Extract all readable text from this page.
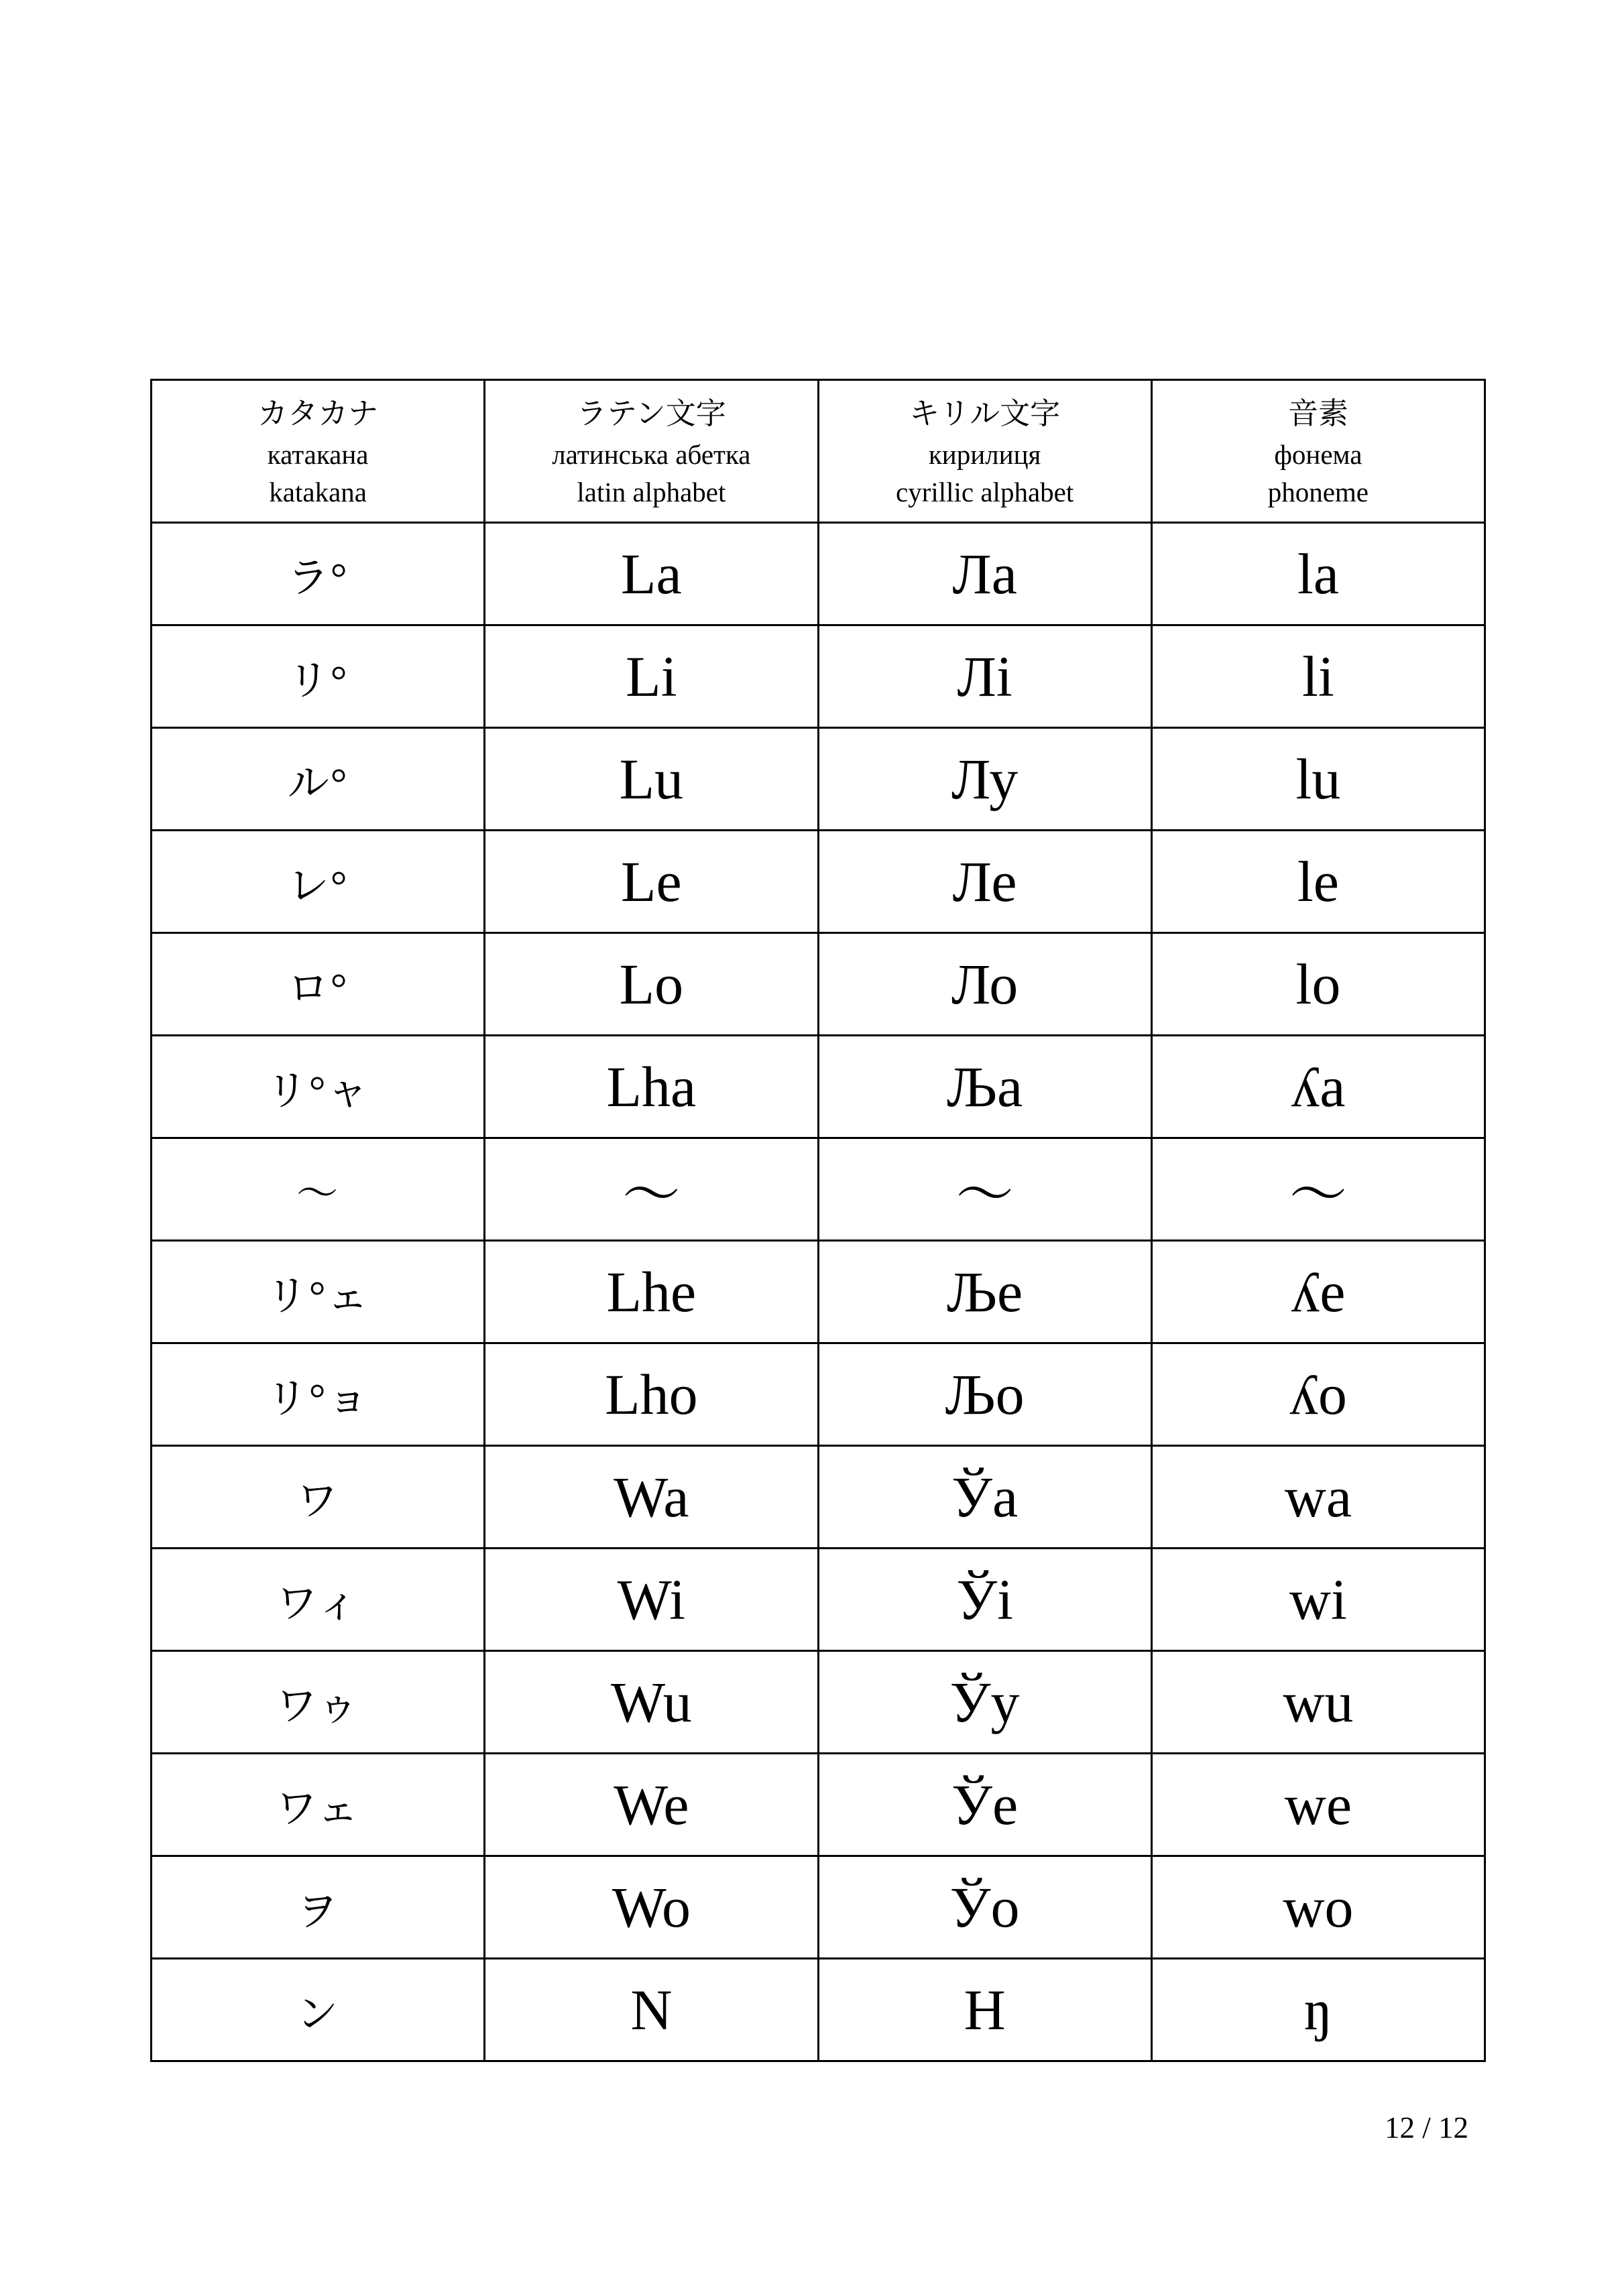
カタカナ
катакана
katakana	ラテン文字
латинська абетка
latin alphabet	キリル文字
кирилиця
cyrillic alphabet	音素
фонема
phoneme

ラ°	La	Ла	la
リ°	Li	Лі	li
ル°	Lu	Лу	lu
レ°	Le	Ле	le
ロ°	Lo	Ло	lo
リ°ャ	Lha	Ља	ʎa
～	～	～	～
リ°ェ	Lhe	Ље	ʎe
リ°ョ	Lho	Љо	ʎo
ワ	Wa	Ўа	wa
ワィ	Wi	Ўі	wi
ワゥ	Wu	Ўу	wu
ワェ	We	Ўе	we
ヲ	Wo	Ўо	wo
ン	N	Н	ŋ
12 / 12
